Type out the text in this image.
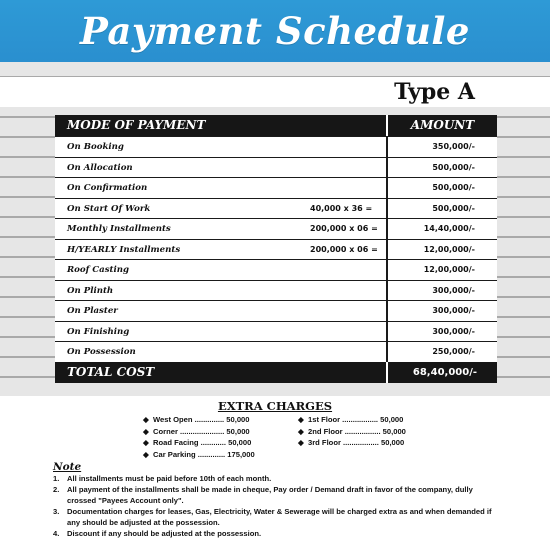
Payment Schedule
Type A
MODE OF PAYMENT	AMOUNT
On Booking	350,000/-
On Allocation	500,000/-
On Confirmation	500,000/-
On Start Of Work	40,000 x 36 =	500,000/-
Monthly Installments	200,000 x 06 =	14,40,000/-
H/YEARLY Installments	200,000 x 06 =	12,00,000/-
Roof Casting	12,00,000/-
On Plinth	300,000/-
On Plaster	300,000/-
On Finishing	300,000/-
On Possession	250,000/-
TOTAL COST	68,40,000/-
EXTRA CHARGES
◆ West Open .............. 50,000
◆ Corner ..................... 50,000
◆ Road Facing ............ 50,000
◆ Car Parking ............. 175,000
◆ 1st Floor ................. 50,000
◆ 2nd Floor ................. 50,000
◆ 3rd Floor ................. 50,000
Note
1.	All installments must be paid before 10th of each month.
2.	All payment of the installments shall be made in cheque, Pay order / Demand draft in favor of the company, dully crossed "Payees Account only".
3.	Documentation charges for leases, Gas, Electricity, Water & Sewerage will be charged extra as and when demanded if any should be adjusted at the possession.
4.	Discount if any should be adjusted at the possession.
